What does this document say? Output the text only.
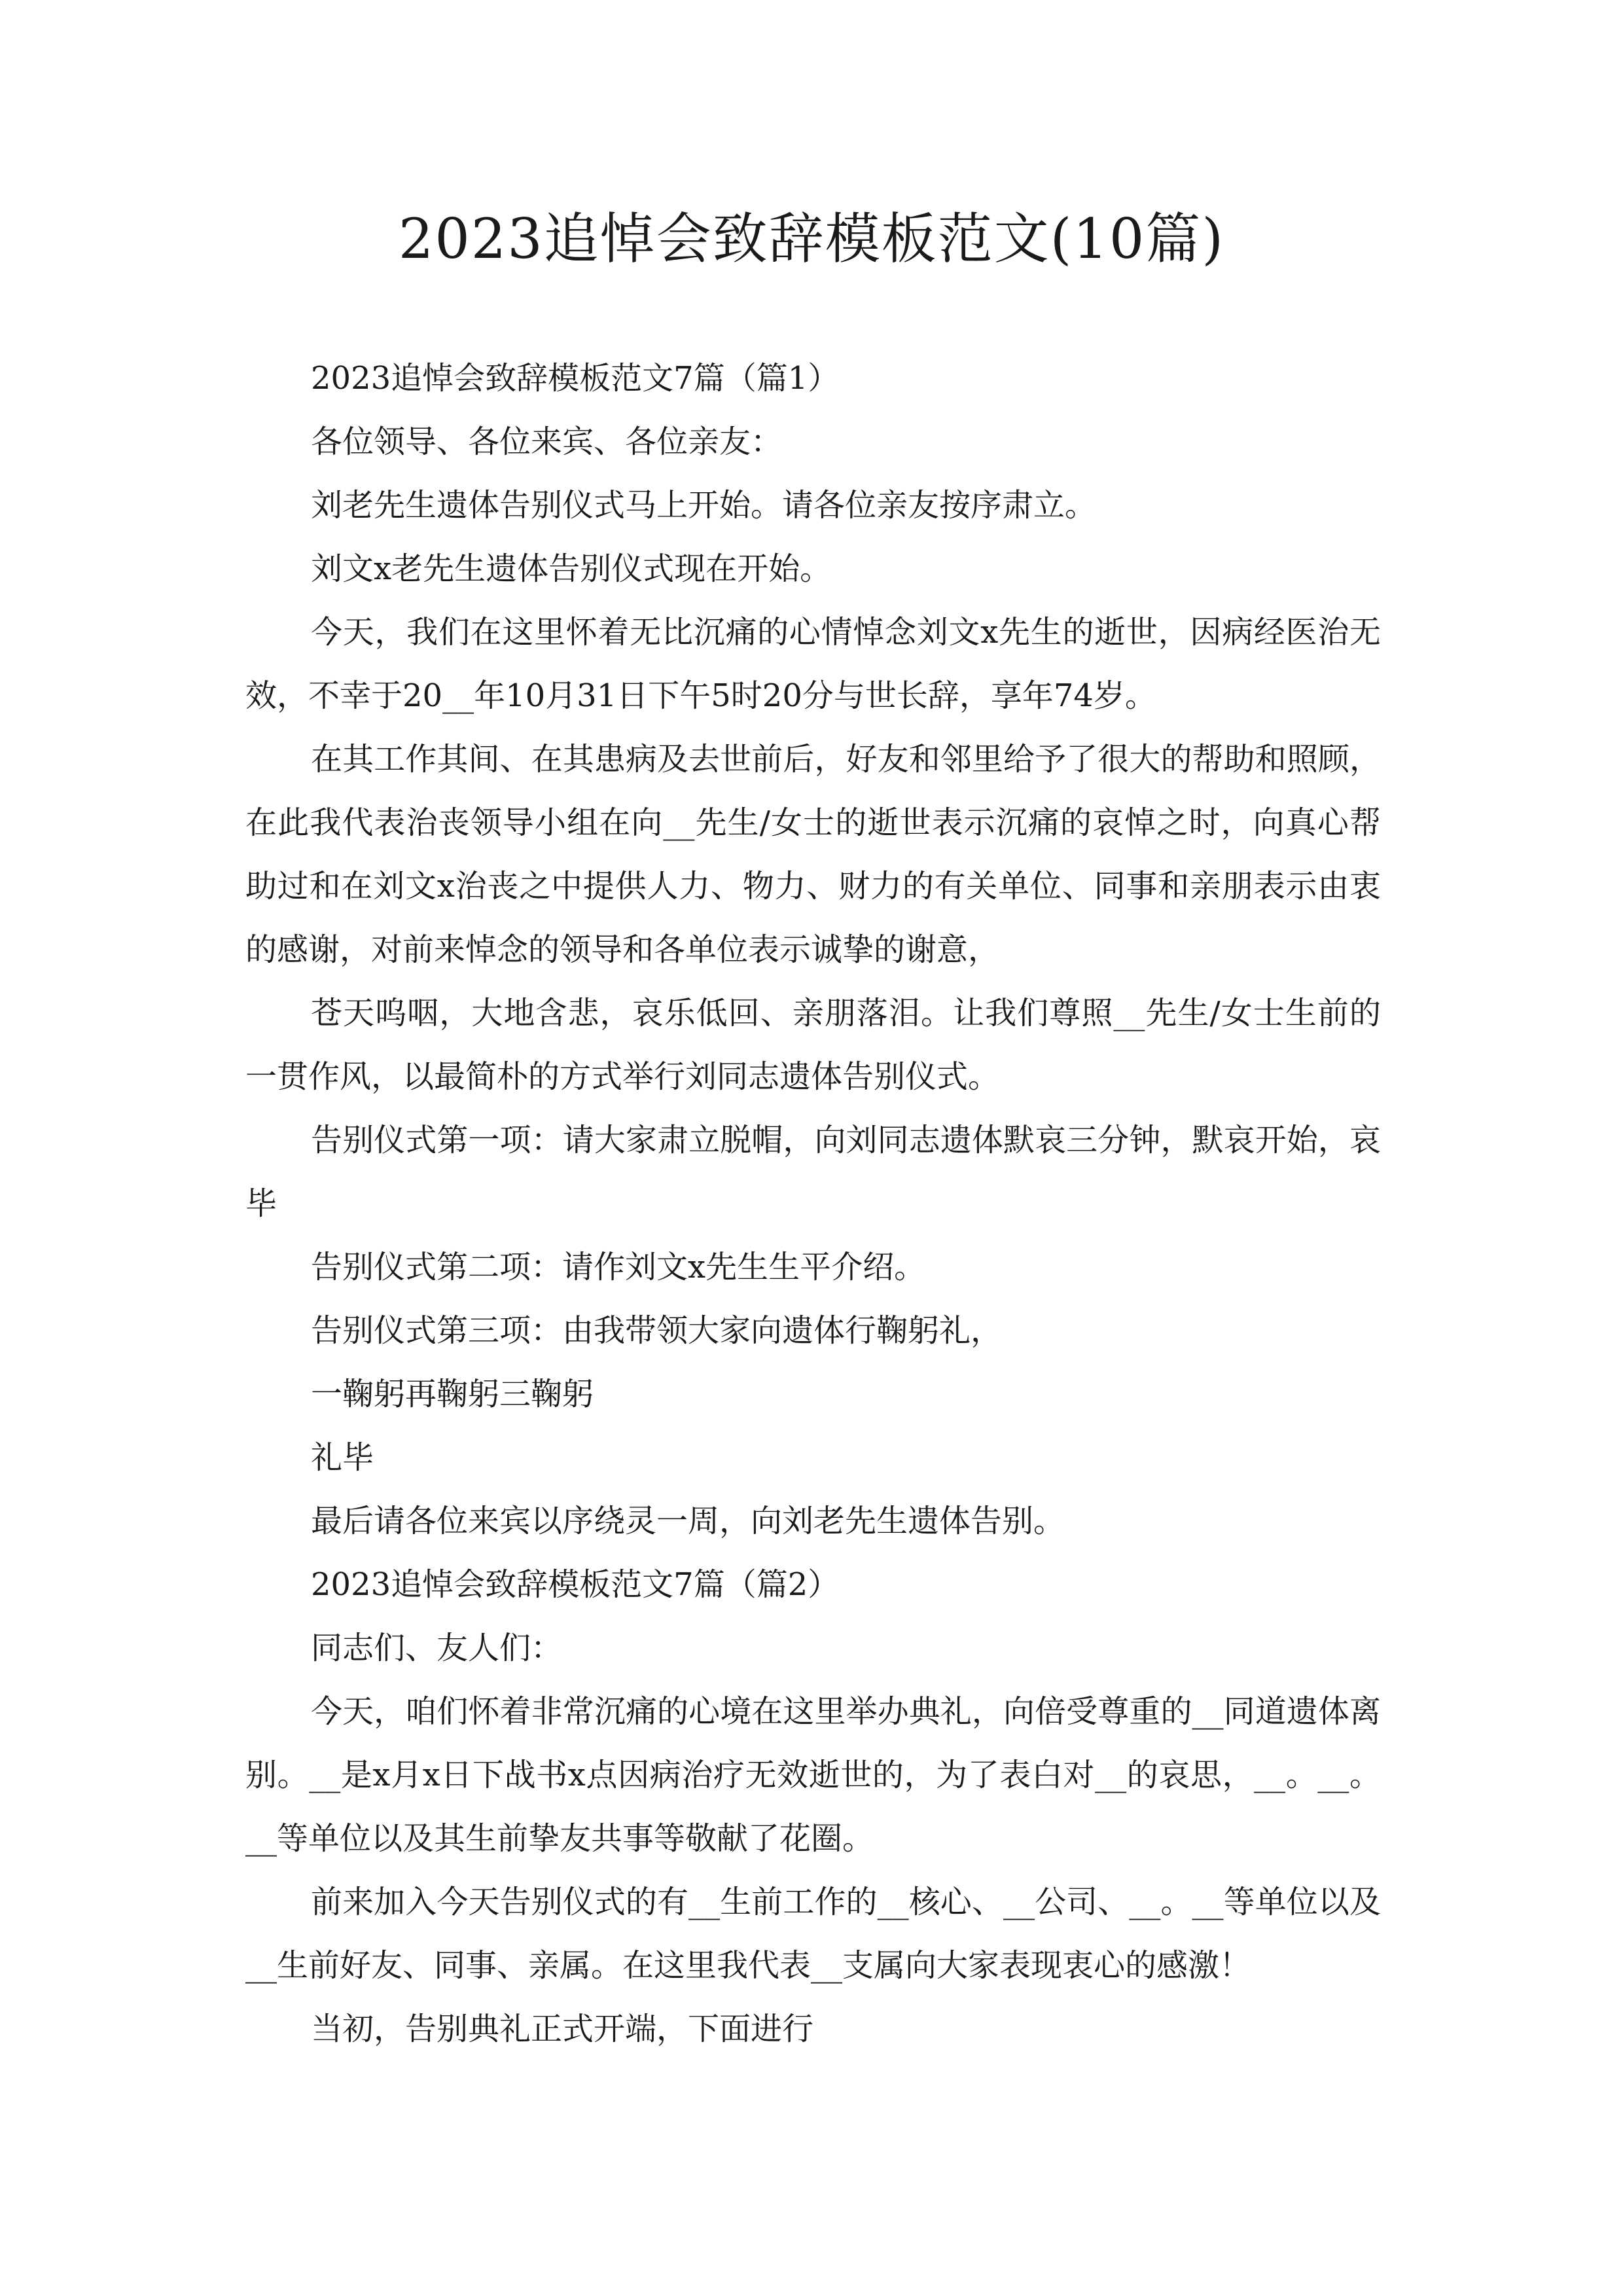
2023追悼会致辞模板范文(10篇)

2023追悼会致辞模板范文7篇（篇1）

各位领导、各位来宾、各位亲友：

刘老先生遗体告别仪式马上开始。请各位亲友按序肃立。

刘文x老先生遗体告别仪式现在开始。

今天，我们在这里怀着无比沉痛的心情悼念刘文x先生的逝世，因病经医治无效，不幸于20__年10月31日下午5时20分与世长辞，享年74岁。

在其工作其间、在其患病及去世前后，好友和邻里给予了很大的帮助和照顾，在此我代表治丧领导小组在向__先生/女士的逝世表示沉痛的哀悼之时，向真心帮助过和在刘文x治丧之中提供人力、物力、财力的有关单位、同事和亲朋表示由衷的感谢，对前来悼念的领导和各单位表示诚挚的谢意，

苍天呜咽，大地含悲，哀乐低回、亲朋落泪。让我们尊照__先生/女士生前的一贯作风，以最简朴的方式举行刘同志遗体告别仪式。

告别仪式第一项：请大家肃立脱帽，向刘同志遗体默哀三分钟，默哀开始，哀毕

告别仪式第二项：请作刘文x先生生平介绍。

告别仪式第三项：由我带领大家向遗体行鞠躬礼，

一鞠躬再鞠躬三鞠躬

礼毕

最后请各位来宾以序绕灵一周，向刘老先生遗体告别。

2023追悼会致辞模板范文7篇（篇2）

同志们、友人们：

今天，咱们怀着非常沉痛的心境在这里举办典礼，向倍受尊重的__同道遗体离别。__是x月x日下战书x点因病治疗无效逝世的，为了表白对__的哀思，__。__。__等单位以及其生前挚友共事等敬献了花圈。

前来加入今天告别仪式的有__生前工作的__核心、__公司、__。__等单位以及__生前好友、同事、亲属。在这里我代表__支属向大家表现衷心的感激！

当初，告别典礼正式开端，下面进行
